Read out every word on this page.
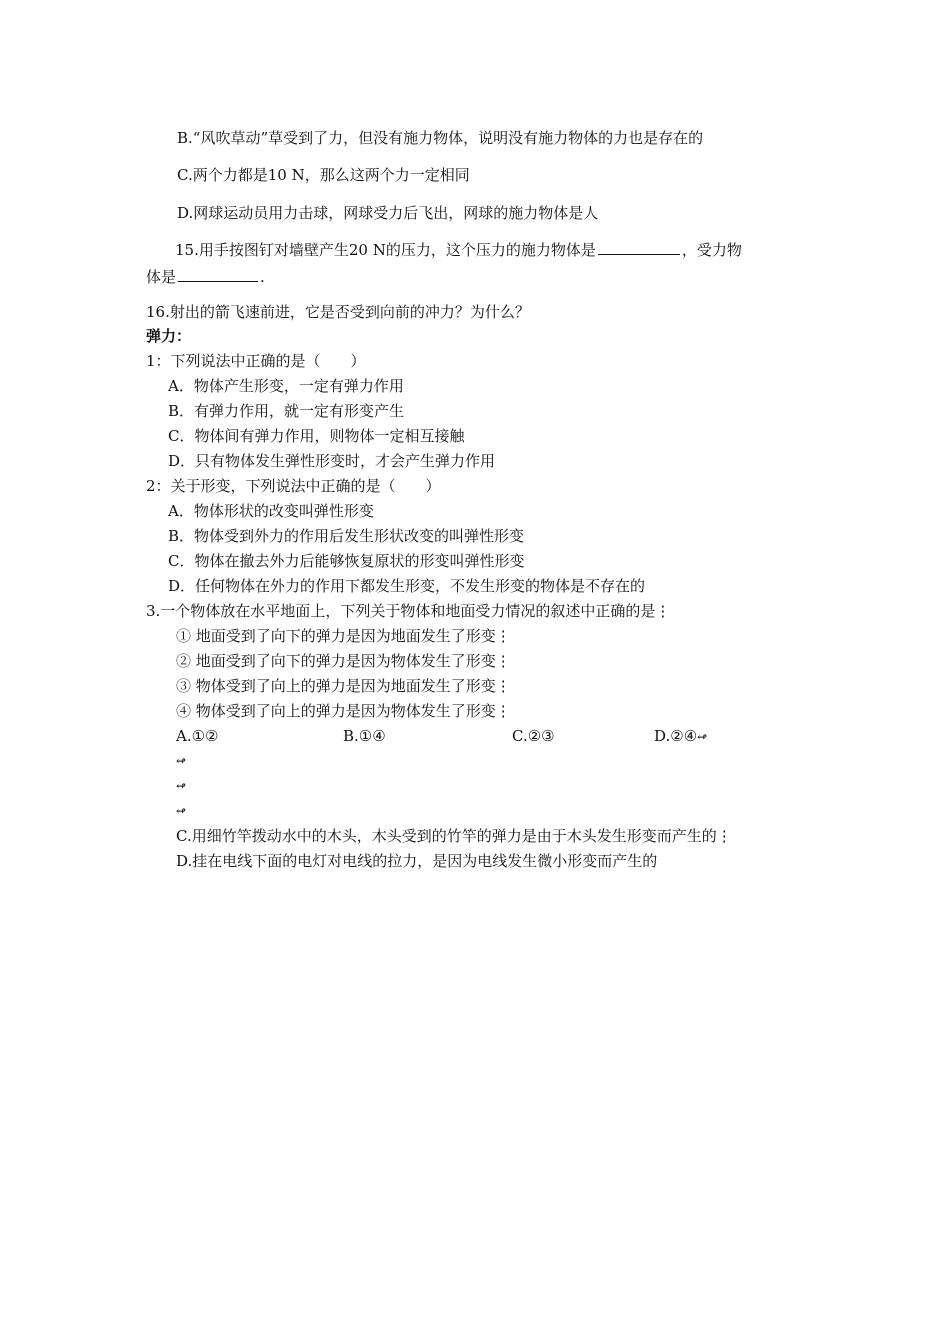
B.“风吹草动”草受到了力，但没有施力物体，说明没有施力物体的力也是存在的
C.两个力都是10 N，那么这两个力一定相同
D.网球运动员用力击球，网球受力后飞出，网球的施力物体是人
15.用手按图钉对墙壁产生20 N的压力，这个压力的施力物体是	，受力物
体是	.
16.射出的箭飞速前进，它是否受到向前的冲力？为什么？
弹力：
1：下列说法中正确的是（　　）
A．物体产生形变，一定有弹力作用
B．有弹力作用，就一定有形变产生
C．物体间有弹力作用，则物体一定相互接触
D．只有物体发生弹性形变时，才会产生弹力作用
2：关于形变，下列说法中正确的是（　　）
A．物体形状的改变叫弹性形变
B．物体受到外力的作用后发生形状改变的叫弹性形变
C．物体在撤去外力后能够恢复原状的形变叫弹性形变
D．任何物体在外力的作用下都发生形变，不发生形变的物体是不存在的
3.一个物体放在水平地面上，下列关于物体和地面受力情况的叙述中正确的是⋮
① 地面受到了向下的弹力是因为地面发生了形变⋮
② 地面受到了向下的弹力是因为物体发生了形变⋮
③ 物体受到了向上的弹力是因为地面发生了形变⋮
④ 物体受到了向上的弹力是因为物体发生了形变⋮
A.①②	B.①④	C.②③	D.②④↫
↫
↫
↫
C.用细竹竿拨动水中的木头，木头受到的竹竿的弹力是由于木头发生形变而产生的⋮
D.挂在电线下面的电灯对电线的拉力，是因为电线发生微小形变而产生的
